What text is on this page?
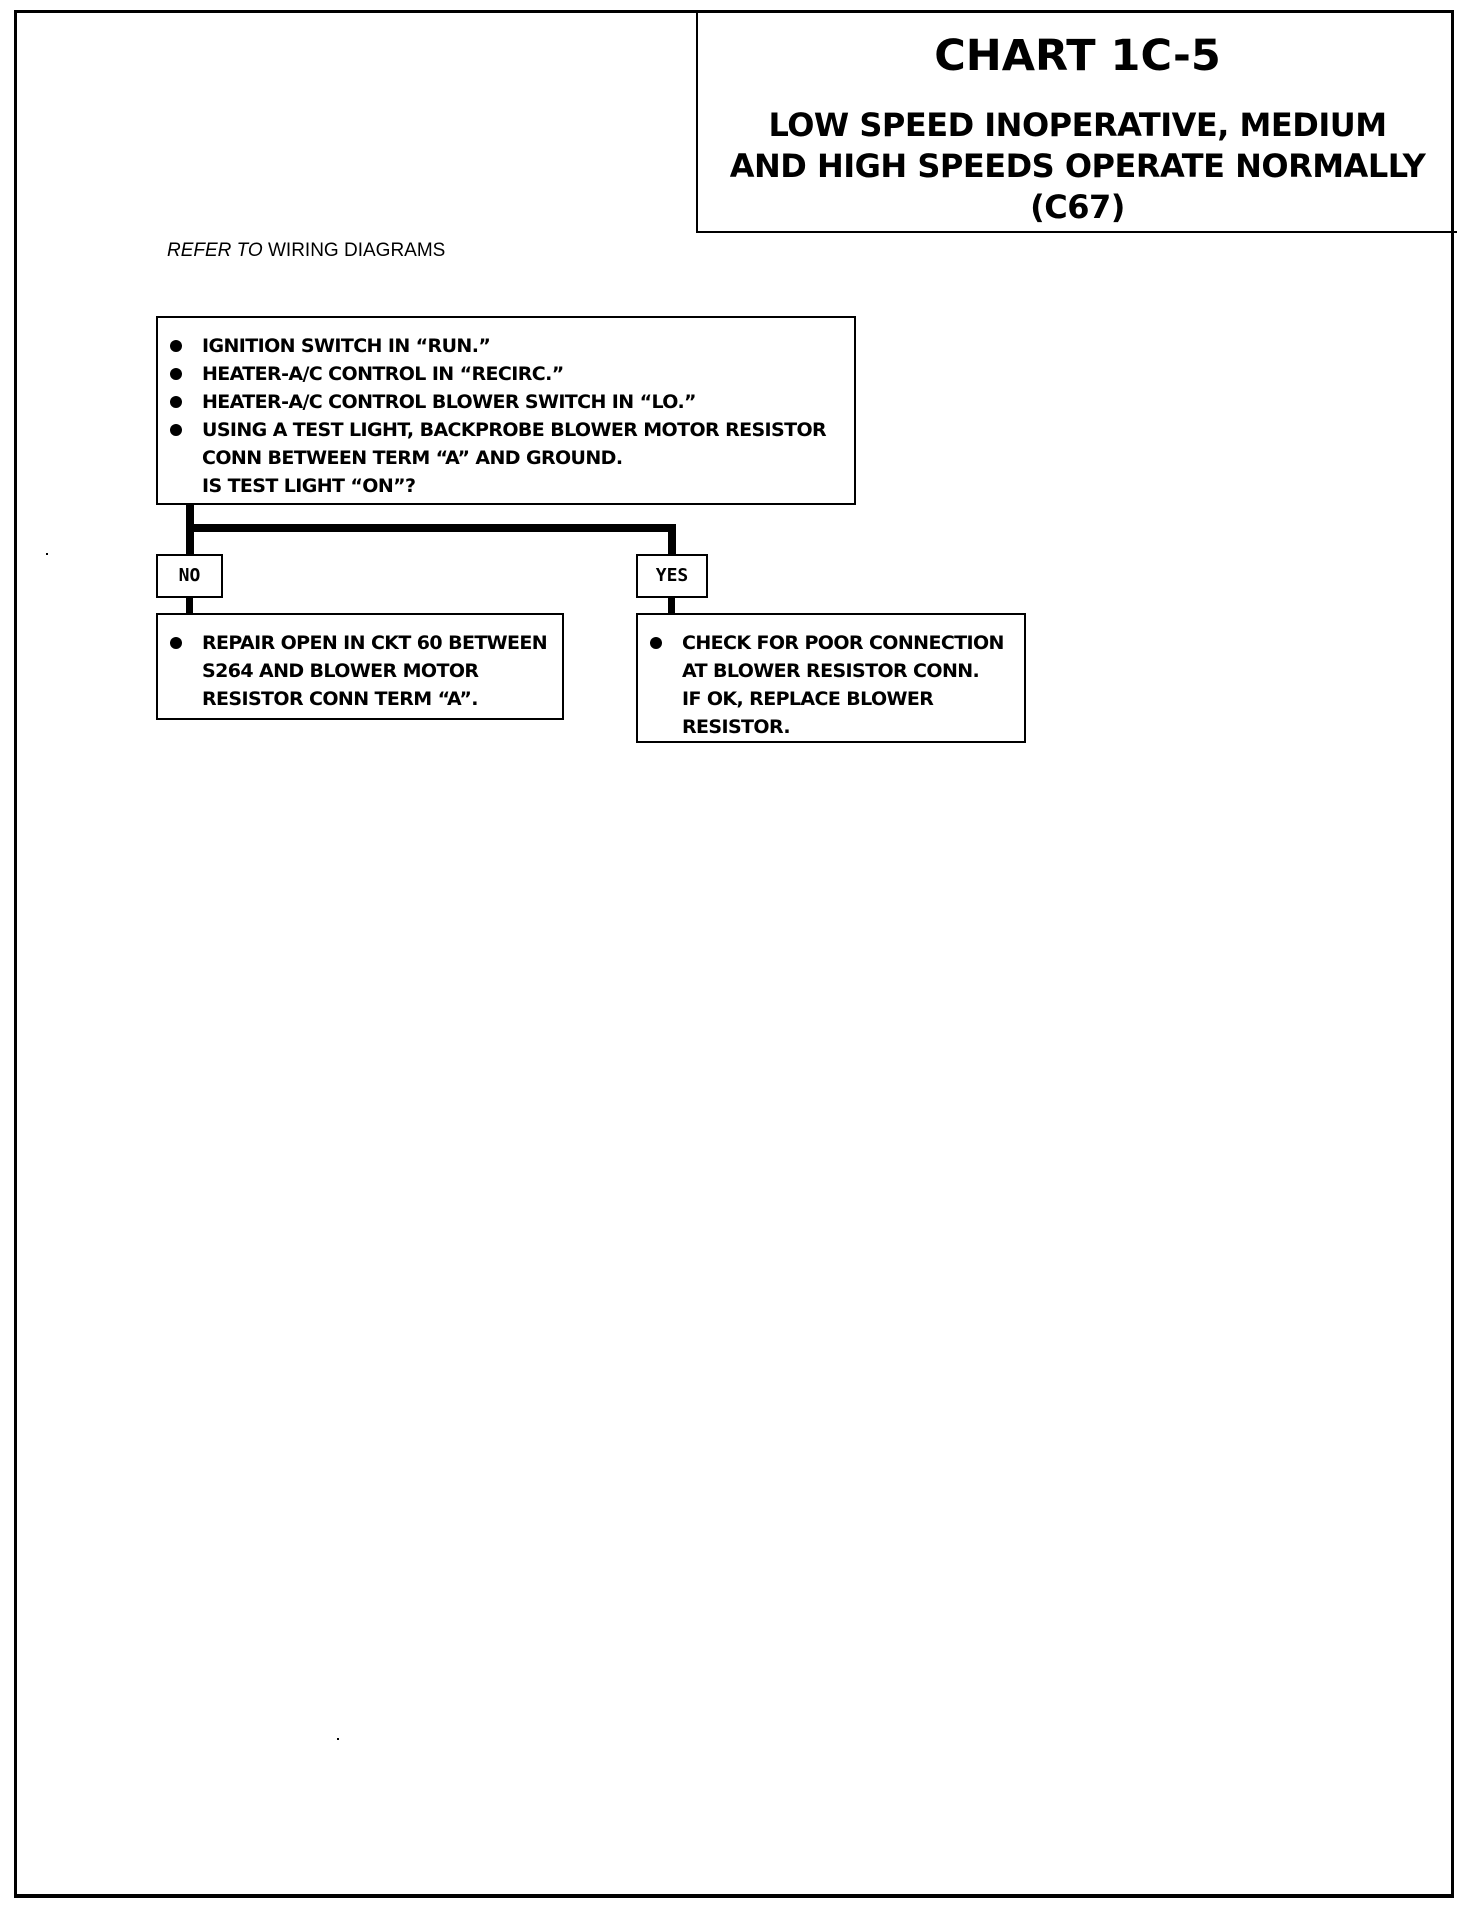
CHART 1C-5
LOW SPEED INOPERATIVE, MEDIUM
AND HIGH SPEEDS OPERATE NORMALLY
(C67)
REFER TO WIRING DIAGRAMS
IGNITION SWITCH IN “RUN.”
HEATER-A/C CONTROL IN “RECIRC.”
HEATER-A/C CONTROL BLOWER SWITCH IN “LO.”
USING A TEST LIGHT, BACKPROBE BLOWER MOTOR RESISTOR
CONN BETWEEN TERM “A” AND GROUND.
IS TEST LIGHT “ON”?
NO	YES
REPAIR OPEN IN CKT 60 BETWEEN
S264 AND BLOWER MOTOR
RESISTOR CONN TERM “A”.
CHECK FOR POOR CONNECTION
AT BLOWER RESISTOR CONN.
IF OK, REPLACE BLOWER
RESISTOR.
